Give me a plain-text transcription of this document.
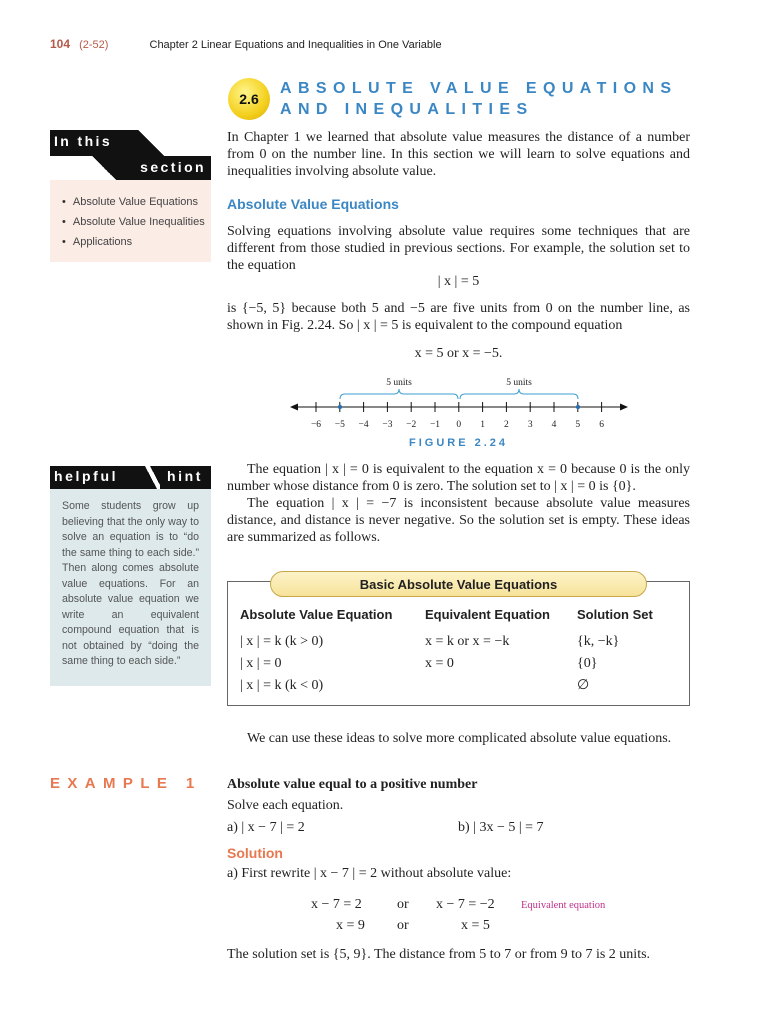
104 (2-52)	Chapter 2 Linear Equations and Inequalities in One Variable
2.6
ABSOLUTE VALUE EQUATIONS
AND INEQUALITIES
In this
section
• Absolute Value Equations
• Absolute Value Inequalities
• Applications

In Chapter 1 we learned that absolute value measures the distance of a number from 0 on the number line. In this section we will learn to solve equations and inequalities involving absolute value.

Absolute Value Equations

Solving equations involving absolute value requires some techniques that are different from those studied in previous sections. For example, the solution set to the equation

| x | = 5

is {−5, 5} because both 5 and −5 are five units from 0 on the number line, as shown in Fig. 2.24. So | x | = 5 is equivalent to the compound equation

x = 5 or x = −5.
5 units	5 units
−6 −5 −4 −3 −2 −1 0 1 2 3 4 5 6
FIGURE 2.24
helpful	hint

Some students grow up believing that the only way to solve an equation is to “do the same thing to each side.” Then along comes absolute value equations. For an absolute value equation we write an equivalent compound equation that is not obtained by “doing the same thing to each side.”

The equation | x | = 0 is equivalent to the equation x = 0 because 0 is the only number whose distance from 0 is zero. The solution set to | x | = 0 is {0}.

The equation | x | = −7 is inconsistent because absolute value measures distance, and distance is never negative. So the solution set is empty. These ideas are summarized as follows.

Basic Absolute Value Equations
Absolute Value Equation	Equivalent Equation	Solution Set
| x | = k (k > 0)	x = k or x = −k	{k, −k}
| x | = 0	x = 0	{0}
| x | = k (k < 0)		∅

We can use these ideas to solve more complicated absolute value equations.

EXAMPLE 1 Absolute value equal to a positive number
Solve each equation.
a) | x − 7 | = 2	b) | 3x − 5 | = 7
Solution
a) First rewrite | x − 7 | = 2 without absolute value:
x − 7 = 2	or x − 7 = −2	Equivalent equation
x = 9 or	x = 5
The solution set is {5, 9}. The distance from 5 to 7 or from 9 to 7 is 2 units.
